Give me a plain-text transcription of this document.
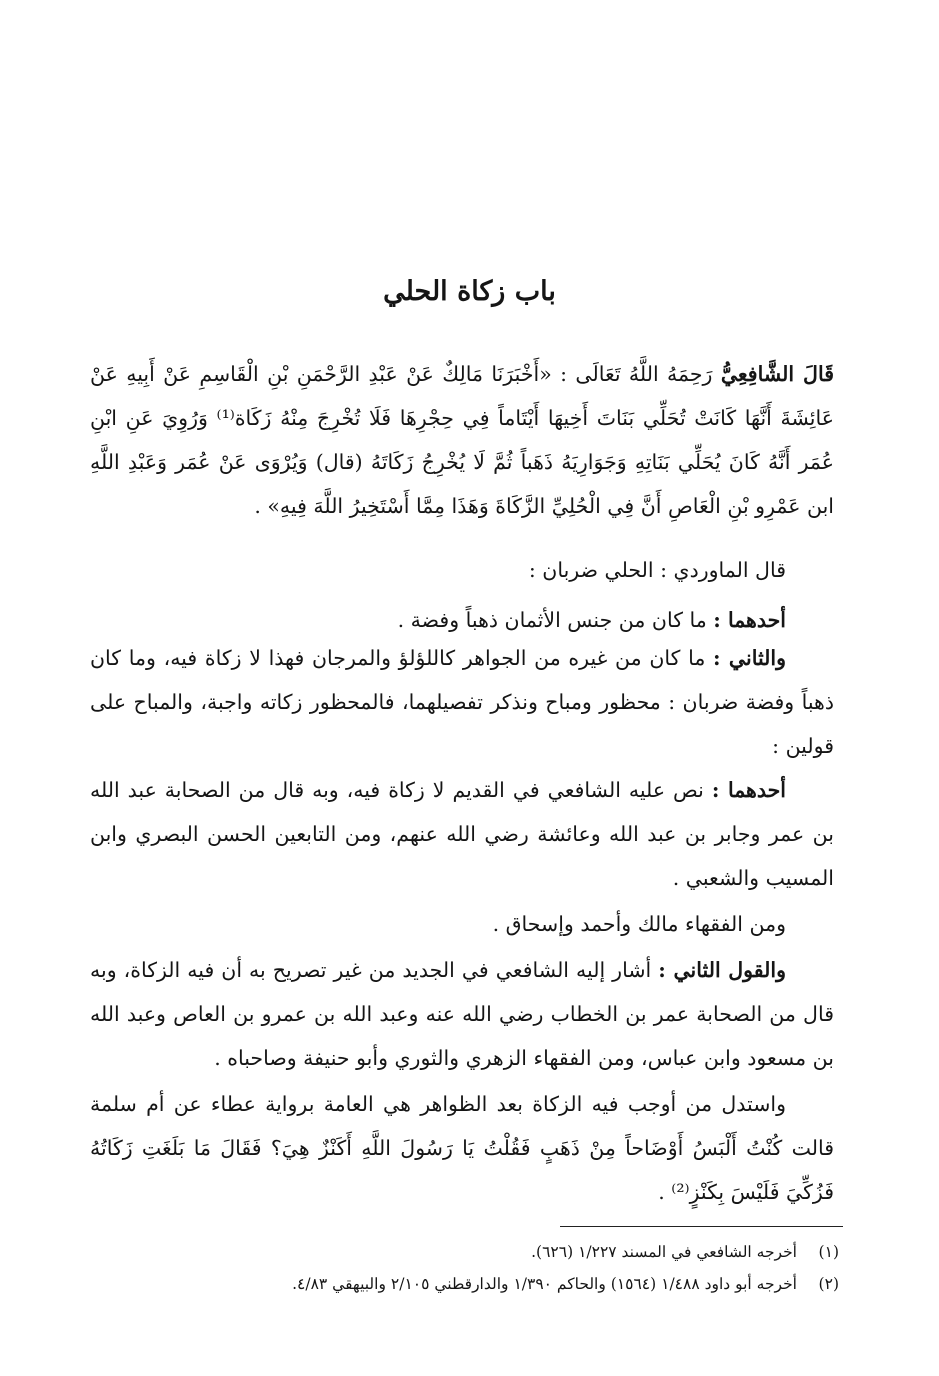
باب زكاة الحلي

قَالَ الشَّافِعِيُّ رَحِمَهُ اللَّهُ تَعَالَى : «أَخْبَرَنَا مَالِكٌ عَنْ عَبْدِ الرَّحْمَنِ بْنِ الْقَاسِمِ عَنْ أَبِيهِ عَنْ عَائِشَةَ أَنَّهَا كَانَتْ تُحَلِّي بَنَاتَ أَخِيهَا أَيْتَاماً فِي حِجْرِهَا فَلَا تُخْرِجَ مِنْهُ زَكَاة⁽¹⁾ وَرُوِيَ عَنِ ابْنِ عُمَر أَنَّهُ كَانَ يُحَلِّي بَنَاتِهِ وَجَوَارِيَهُ ذَهَباً ثُمَّ لَا يُخْرِجُ زَكَاتَهُ (قال) وَيُرْوَى عَنْ عُمَر وَعَبْدِ اللَّهِ ابن عَمْرِو بْنِ الْعَاصِ أَنَّ فِي الْحُلِيِّ الزَّكَاةَ وَهَذَا مِمَّا أَسْتَخِيرُ اللَّهَ فِيهِ» .

قال الماوردي : الحلي ضربان :

أحدهما : ما كان من جنس الأثمان ذهباً وفضة .

والثاني : ما كان من غيره من الجواهر كاللؤلؤ والمرجان فهذا لا زكاة فيه، وما كان ذهباً وفضة ضربان : محظور ومباح ونذكر تفصيلهما، فالمحظور زكاته واجبة، والمباح على قولين :

أحدهما : نص عليه الشافعي في القديم لا زكاة فيه، وبه قال من الصحابة عبد الله بن عمر وجابر بن عبد الله وعائشة رضي الله عنهم، ومن التابعين الحسن البصري وابن المسيب والشعبي .

ومن الفقهاء مالك وأحمد وإسحاق .

والقول الثاني : أشار إليه الشافعي في الجديد من غير تصريح به أن فيه الزكاة، وبه قال من الصحابة عمر بن الخطاب رضي الله عنه وعبد الله بن عمرو بن العاص وعبد الله بن مسعود وابن عباس، ومن الفقهاء الزهري والثوري وأبو حنيفة وصاحباه .

واستدل من أوجب فيه الزكاة بعد الظواهر هي العامة برواية عطاء عن أم سلمة قالت كُنْتُ أَلْبَسُ أَوْضَاحاً مِنْ ذَهَبٍ فَقُلْتُ يَا رَسُولَ اللَّهِ أَكَنْزٌ هِيَ؟ فَقَالَ مَا بَلَغَتِ زَكَاتُهُ فَزُكِّيَ فَلَيْسَ بِكَنْزٍ⁽²⁾ .

(١)
أخرجه الشافعي في المسند ١/٢٢٧ (٦٢٦).
(٢)
أخرجه أبو داود ١/٤٨٨ (١٥٦٤) والحاكم ١/٣٩٠ والدارقطني ٢/١٠٥ والبيهقي ٤/٨٣.
